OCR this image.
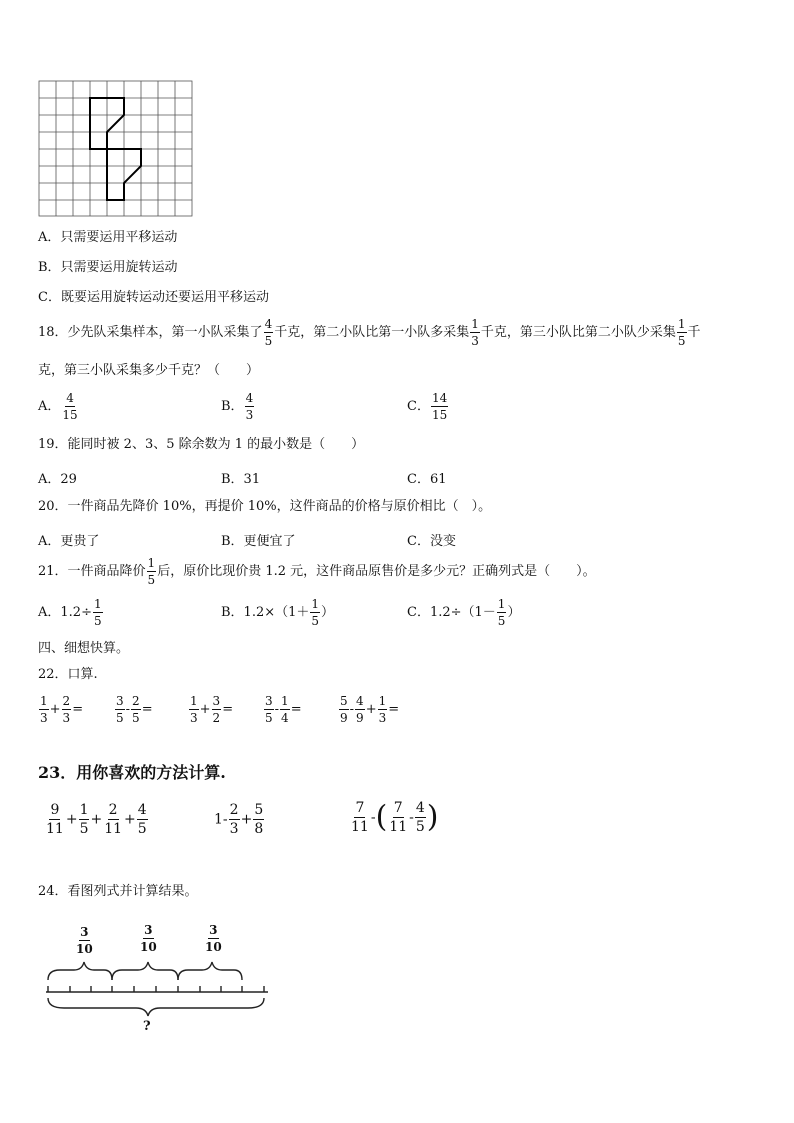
A．只需要运用平移运动
B．只需要运用旋转运动
C．既要运用旋转运动还要运用平移运动
18．少先队采集样本，第一小队采集了 $\frac{4}{5}$ 千克，第二小队比第一小队多采集 $\frac{1}{3}$ 千克，第三小队比第二小队少采集 $\frac{1}{5}$ 千
克，第三小队采集多少千克？（　　）
A． $\frac{4}{15}$	B． $\frac{4}{3}$	C． $\frac{14}{15}$
19．能同时被 2、3、5 除余数为 1 的最小数是（　　）
A．29	B．31	C．61
20．一件商品先降价 10%，再提价 10%，这件商品的价格与原价相比（　）。
A．更贵了	B．更便宜了	C．没变
21．一件商品降价 $\frac{1}{5}$ 后，原价比现价贵 1.2 元，这件商品原售价是多少元？正确列式是（　　）。
A．$1.2\div \frac{1}{5}$	B．$1.2\times(1+ \frac{1}{5}$ ）	C．$1.2\div(1- \frac{1}{5}$ ）
四、细想快算。
22．口算.
$\frac{1}{3} + \frac{2}{3}$ =	$\frac{3}{5} - \frac{2}{5}$ =	$\frac{1}{3} + \frac{3}{2}$ =	$\frac{3}{5} - \frac{1}{4}$ =	$\frac{5}{9} - \frac{4}{9} + \frac{1}{3}$ =
23．用你喜欢的方法计算.
$\frac{9}{11} + \frac{1}{5} + \frac{2}{11} + \frac{4}{5}$	$1- \frac{2}{3} + \frac{5}{8}$	$\frac{7}{11}$ -( $\frac{7}{11} - \frac{4}{5}$ )
24．看图列式并计算结果。
$\frac{3}{10}$	$\frac{3}{10}$	$\frac{3}{10}$
?
